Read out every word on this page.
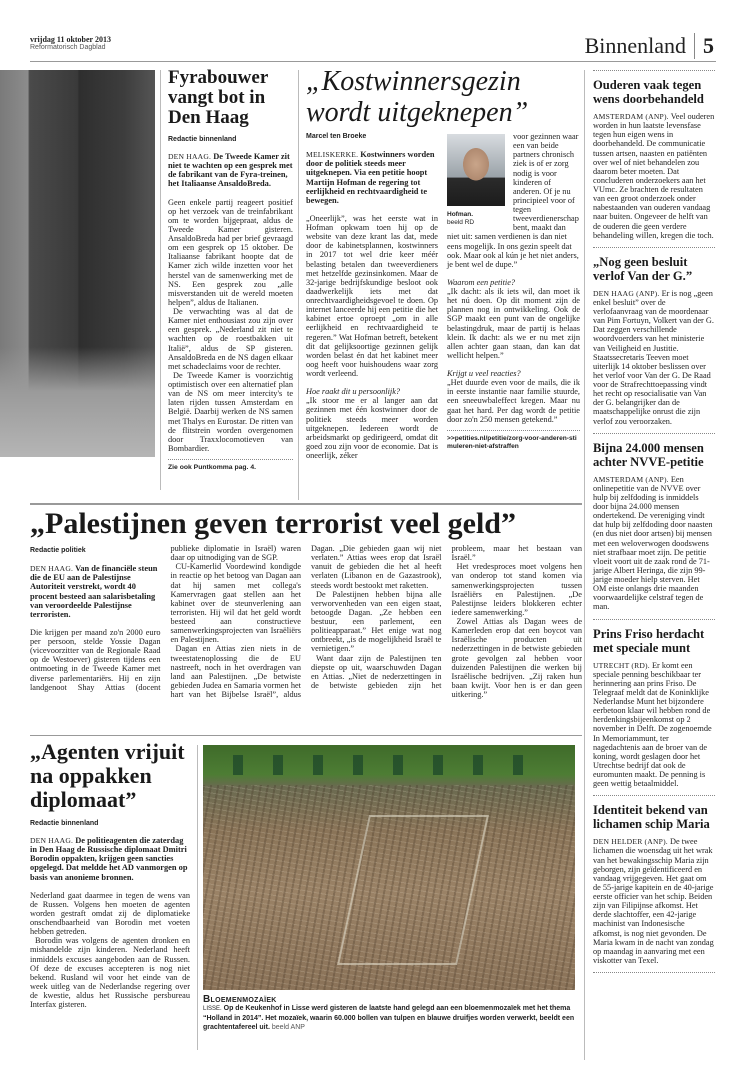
vrijdag 11 oktober 2013
Reformatorisch Dagblad	Binnenland 5
Fyrabouwer vangt bot in Den Haag
Redactie binnenland

DEN HAAG. De Tweede Kamer zit niet te wachten op een gesprek met de fabrikant van de Fyra-treinen, het Italiaanse AnsaldoBreda.

Geen enkele partij reageert positief op het verzoek van de treinfabrikant om te worden bijgepraat, aldus de Tweede Kamer gisteren. AnsaldoBreda had per brief gevraagd om een gesprek op 15 oktober. De Italiaanse fabrikant hoopte dat de Kamer zich wilde inzetten voor het herstel van de samenwerking met de NS. Een gesprek zou „alle misverstanden uit de wereld moeten helpen”, aldus de Italianen.

De verwachting was al dat de Kamer niet enthousiast zou zijn over een gesprek. „Nederland zit niet te wachten op de roestbakken uit Italië”, aldus de SP gisteren. AnsaldoBreda en de NS dagen elkaar met schadeclaims voor de rechter.

De Tweede Kamer is voorzichtig optimistisch over een alternatief plan van de NS om meer intercity's te laten rijden tussen Amsterdam en België. Daarbij werken de NS samen met Thalys en Eurostar. De ritten van de flitstrein worden overgenomen door Traxxlocomotieven van Bombardier.

Zie ook Puntkomma pag. 4.
„Kostwinnersgezin wordt uitgeknepen”
Marcel ten Broeke

MELISKERKE. Kostwinners worden door de politiek steeds meer uitgeknepen. Via een petitie hoopt Martijn Hofman de regering tot eerlijkheid en rechtvaardigheid te bewegen.

„Oneerlijk”, was het eerste wat in Hofman opkwam toen hij op de website van deze krant las dat, mede door de kabinetsplannen, kostwinners in 2017 tot wel drie keer méér belasting betalen dan tweeverdieners met hetzelfde gezinsinkomen. Maar de 32-jarige bedrijfskundige besloot ook daadwerkelijk iets met dat onrechtvaardigheidsgevoel te doen. Op internet lanceerde hij een petitie die het kabinet ertoe oproept „om in alle eerlijkheid en rechtvaardigheid te regeren.” Wat Hofman betreft, betekent dit dat gelijksoortige gezinnen gelijk worden belast én dat het kabinet meer oog heeft voor huishoudens waar zorg wordt verleend.

Hoe raakt dit u persoonlijk?

„Ik stoor me er al langer aan dat gezinnen met één kostwinner door de politiek steeds meer worden uitgeknepen. Iedereen wordt de arbeidsmarkt op gedirigeerd, omdat dit goed zou zijn voor de economie. Dat is oneerlijk, zéker

Hofman.
beeld RD

voor gezinnen waar een van beide partners chronisch ziek is of er zorg nodig is voor kinderen of anderen. Of je nu principieel voor of tegen tweeverdienerschap bent, maakt dan niet uit: samen verdienen is dan niet eens mogelijk. In ons gezin speelt dat ook. Maar ook al kún je het niet anders, je bent wel de dupe.”

Waarom een petitie?

„Ik dacht: als ik iets wil, dan moet ik het nú doen. Op dit moment zijn de plannen nog in ontwikkeling. Ook de SGP maakt een punt van de ongelijke belastingdruk, maar de partij is helaas klein. Ik dacht: als we er nu met zijn allen achter gaan staan, dan kan dat wellicht helpen.”

Krijgt u veel reacties?

„Het duurde even voor de mails, die ik in eerste instantie naar familie stuurde, een sneeuwbaleffect kregen. Maar nu gaat het hard. Per dag wordt de petitie door zo'n 250 mensen getekend.”

>>petities.nl/petitie/zorg-voor-anderen-stimuleren-niet-afstraffen
„Palestijnen geven terrorist veel geld”
Redactie politiek

DEN HAAG. Van de financiële steun die de EU aan de Palestijnse Autoriteit verstrekt, wordt 40 procent besteed aan salarisbetaling van veroordeelde Palestijnse terroristen.

Die krijgen per maand zo'n 2000 euro per persoon, stelde Yossie Dagan (vicevoorzitter van de Regionale Raad op de Westoever) gisteren tijdens een ontmoeting in de Tweede Kamer met diverse parlementariërs. Hij en zijn landgenoot Shay Attias (docent publieke diplomatie in Israël) waren daar op uitnodiging van de SGP.

CU-Kamerlid Voordewind kondigde in reactie op het betoog van Dagan aan dat hij samen met collega's Kamervragen gaat stellen aan het kabinet over de steunverlening aan terroristen. Hij wil dat het geld wordt besteed aan constructieve samenwerkingsprojecten van Israëliërs en Palestijnen.

Dagan en Attias zien niets in de tweestatenoplossing die de EU nastreeft, noch in het overdragen van land aan Palestijnen. „De betwiste gebieden Judea en Samaria vormen het hart van het Bijbelse Israël”, aldus Dagan. „Die gebieden gaan wij niet verlaten.” Attias wees erop dat Israël vanuit de gebieden die het al heeft verlaten (Libanon en de Gazastrook), steeds wordt bestookt met raketten.

De Palestijnen hebben bijna alle verworvenheden van een eigen staat, betoogde Dagan. „Ze hebben een bestuur, een parlement, een politieapparaat.” Het enige wat nog ontbreekt, „is de mogelijkheid Israël te vernietigen.”

Want daar zijn de Palestijnen ten diepste op uit, waarschuwden Dagan en Attias. „Niet de nederzettingen in de betwiste gebieden zijn het probleem, maar het bestaan van Israël.”

Het vredesproces moet volgens hen van onderop tot stand komen via samenwerkingsprojecten tussen Israëliërs en Palestijnen. „De Palestijnse leiders blokkeren echter iedere samenwerking.”

Zowel Attias als Dagan wees de Kamerleden erop dat een boycot van Israëlische producten uit nederzettingen in de betwiste gebieden grote gevolgen zal hebben voor duizenden Palestijnen die werken bij Israëlische bedrijven. „Zij raken hun baan kwijt. Voor hen is er dan geen uitkering.”

„Agenten vrijuit na oppakken diplomaat”
Redactie binnenland

DEN HAAG. De politieagenten die zaterdag in Den Haag de Russische diplomaat Dmitri Borodin oppakten, krijgen geen sancties opgelegd. Dat meldde het AD vanmorgen op basis van anonieme bronnen.

Nederland gaat daarmee in tegen de wens van de Russen. Volgens hen moeten de agenten worden gestraft omdat zij de diplomatieke onschendbaarheid van Borodin met voeten hebben getreden.

Borodin was volgens de agenten dronken en mishandelde zijn kinderen. Nederland heeft inmiddels excuses aangeboden aan de Russen. Of deze de excuses accepteren is nog niet bekend. Rusland wil voor het einde van de week uitleg van de Nederlandse regering over de kwestie, aldus het Russische persbureau Interfax gisteren.	Bloemenmozaïek
LISSE. Op de Keukenhof in Lisse werd gisteren de laatste hand gelegd aan een bloemenmozaïek met het thema “Holland in 2014”. Het mozaïek, waarin 60.000 bollen van tulpen en blauwe druifjes worden verwerkt, beeldt een grachtentafereel uit. beeld ANP
Ouderen vaak tegen wens doorbehandeld

AMSTERDAM (ANP). Veel ouderen worden in hun laatste levensfase tegen hun eigen wens in doorbehandeld. De communicatie tussen artsen, naasten en patiënten over wel of niet behandelen zou daarom beter moeten. Dat concluderen onderzoekers aan het VUmc. Ze brachten de resultaten van een groot onderzoek onder nabestaanden van ouderen vandaag naar buiten. Ongeveer de helft van de ouderen die geen verdere behandeling willen, kregen die toch.

„Nog geen besluit verlof Van der G.”

DEN HAAG (ANP). Er is nog „geen enkel besluit” over de verlofaanvraag van de moordenaar van Pim Fortuyn, Volkert van der G. Dat zeggen verschillende woordvoerders van het ministerie van Veiligheid en Justitie. Staatssecretaris Teeven moet uiterlijk 14 oktober beslissen over het verlof voor Van der G. De Raad voor de Strafrechttoepassing vindt het recht op resocialisatie van Van der G. belangrijker dan de maatschappelijke onrust die zijn verlof zou veroorzaken.

Bijna 24.000 mensen achter NVVE-petitie

AMSTERDAM (ANP). Een onlinepetitie van de NVVE over hulp bij zelfdoding is inmiddels door bijna 24.000 mensen ondertekend. De vereniging vindt dat hulp bij zelfdoding door naasten (en dus niet door artsen) bij mensen met een weloverwogen doodswens niet strafbaar moet zijn. De petitie vloeit voort uit de zaak rond de 71-jarige Albert Heringa, die zijn 99-jarige moeder hielp sterven. Het OM eiste onlangs drie maanden voorwaardelijke celstraf tegen de man.

Prins Friso herdacht met speciale munt

UTRECHT (RD). Er komt een speciale penning beschikbaar ter herinnering aan prins Friso. De Telegraaf meldt dat de Koninklijke Nederlandse Munt het bijzondere eerbetoon klaar wil hebben rond de herdenkingsbijeenkomst op 2 november in Delft. De zogenoemde In Memoriammunt, ter nagedachtenis aan de broer van de koning, wordt geslagen door het Utrechtse bedrijf dat ook de euromunten maakt. De penning is geen wettig betaalmiddel.

Identiteit bekend van lichamen schip Maria

DEN HELDER (ANP). De twee lichamen die woensdag uit het wrak van het bewakingsschip Maria zijn geborgen, zijn geïdentificeerd en vandaag vrijgegeven. Het gaat om de 55-jarige kapitein en de 40-jarige eerste officier van het schip. Beiden zijn van Filipijnse afkomst. Het derde slachtoffer, een 42-jarige machinist van Indonesische afkomst, is nog niet gevonden. De Maria kwam in de nacht van zondag op maandag in aanvaring met een viskotter van Texel.
